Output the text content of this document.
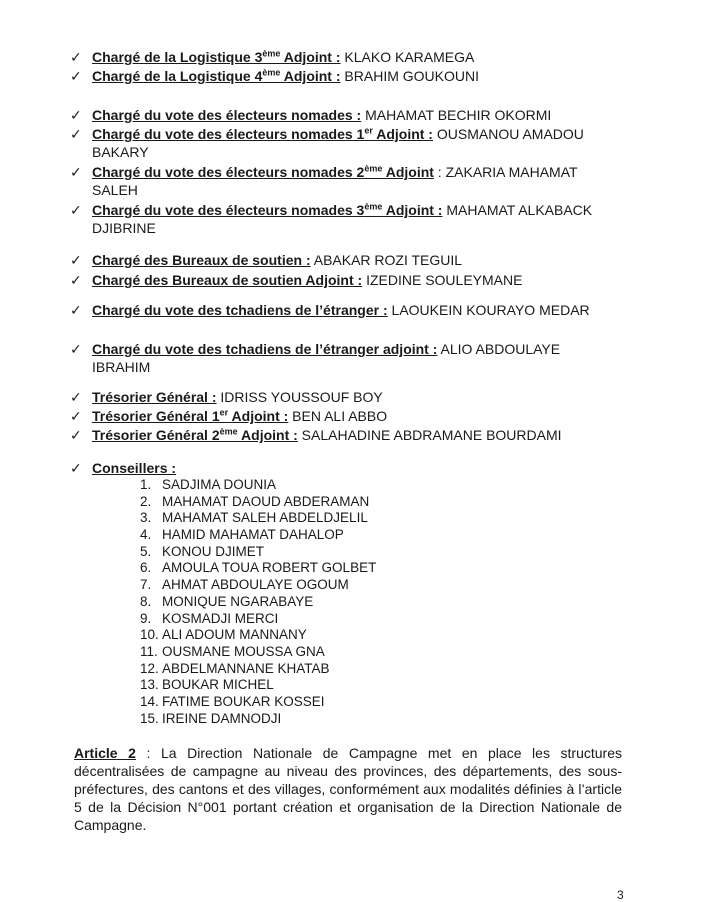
✓ Chargé de la Logistique 3ème Adjoint : KLAKO KARAMEGA
✓ Chargé de la Logistique 4ème Adjoint : BRAHIM GOUKOUNI
✓ Chargé du vote des électeurs nomades : MAHAMAT BECHIR OKORMI
✓ Chargé du vote des électeurs nomades 1er Adjoint : OUSMANOU AMADOU BAKARY
✓ Chargé du vote des électeurs nomades 2ème Adjoint : ZAKARIA MAHAMAT SALEH
✓ Chargé du vote des électeurs nomades 3ème Adjoint : MAHAMAT ALKABACK DJIBRINE
✓ Chargé des Bureaux de soutien : ABAKAR ROZI TEGUIL
✓ Chargé des Bureaux de soutien Adjoint : IZEDINE SOULEYMANE
✓ Chargé du vote des tchadiens de l’étranger : LAOUKEIN KOURAYO MEDAR
✓ Chargé du vote des tchadiens de l’étranger adjoint : ALIO ABDOULAYE IBRAHIM
✓ Trésorier Général : IDRISS YOUSSOUF BOY
✓ Trésorier Général 1er Adjoint : BEN ALI ABBO
✓ Trésorier Général 2ème Adjoint : SALAHADINE ABDRAMANE BOURDAMI
✓ Conseillers :
1. SADJIMA DOUNIA
2. MAHAMAT DAOUD ABDERAMAN
3. MAHAMAT SALEH ABDELDJELIL
4. HAMID MAHAMAT DAHALOP
5. KONOU DJIMET
6. AMOULA TOUA ROBERT GOLBET
7. AHMAT ABDOULAYE OGOUM
8. MONIQUE NGARABAYE
9. KOSMADJI MERCI
10. ALI ADOUM MANNANY
11. OUSMANE MOUSSA GNA
12. ABDELMANNANE KHATAB
13. BOUKAR MICHEL
14. FATIME BOUKAR KOSSEI
15. IREINE DAMNODJI

Article 2 : La Direction Nationale de Campagne met en place les structures décentralisées de campagne au niveau des provinces, des départements, des sous-préfectures, des cantons et des villages, conformément aux modalités définies à l’article 5 de la Décision N°001 portant création et organisation de la Direction Nationale de Campagne.

3
